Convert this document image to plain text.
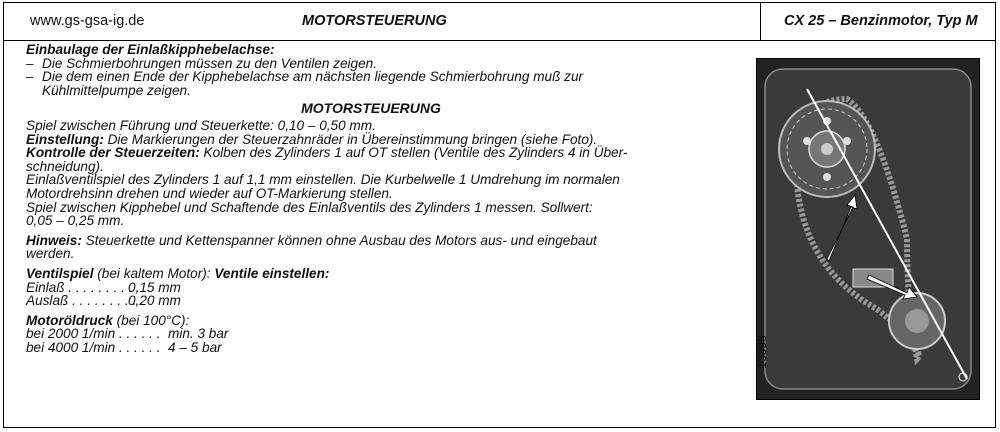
www.gs-gsa-ig.de	MOTORSTEUERUNG	CX 25 – Benzinmotor, Typ M
Einbaulage der Einlaßkipphebelachse:
– Die Schmierbohrungen müssen zu den Ventilen zeigen.
– Die dem einen Ende der Kipphebelachse am nächsten liegende Schmierbohrung muß zur
Kühlmittelpumpe zeigen.
MOTORSTEUERUNG
Spiel zwischen Führung und Steuerkette: 0,10 – 0,50 mm.
Einstellung: Die Markierungen der Steuerzahnräder in Übereinstimmung bringen (siehe Foto).
Kontrolle der Steuerzeiten: Kolben des Zylinders 1 auf OT stellen (Ventile des Zylinders 4 in Über-
schneidung).
Einlaßventilspiel des Zylinders 1 auf 1,1 mm einstellen. Die Kurbelwelle 1 Umdrehung im normalen
Motordrehsinn drehen und wieder auf OT-Markierung stellen.
Spiel zwischen Kipphebel und Schaftende des Einlaßventils des Zylinders 1 messen. Sollwert:
0,05 – 0,25 mm.
Hinweis: Steuerkette und Kettenspanner können ohne Ausbau des Motors aus- und eingebaut
werden.
Ventilspiel (bei kaltem Motor): Ventile einstellen:
Einlaß . . . . . . . . . .0,15 mm
Auslaß . . . . . . . . . .0,20 mm
Motoröldruck (bei 100°C):
bei 2000 1/min . . . . . . min. 3 bar
bei 4000 1/min . . . . . . 4 – 5 bar	13396
